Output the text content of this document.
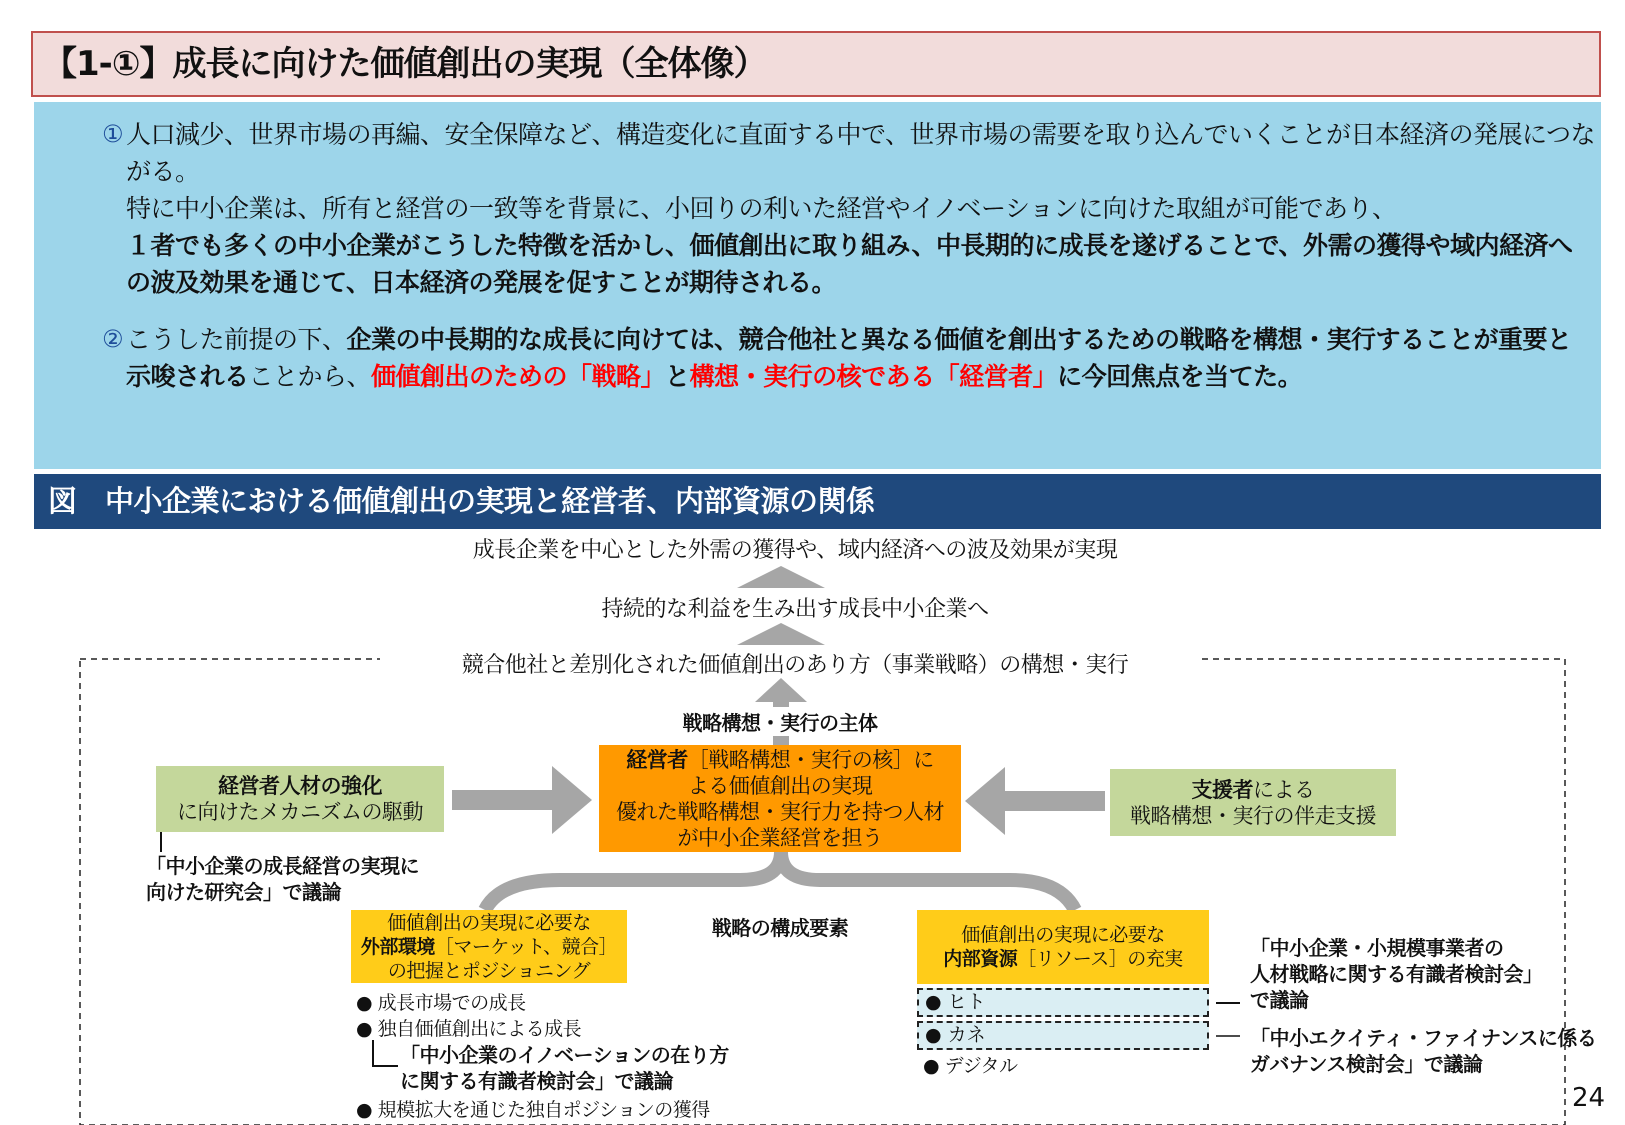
【1-①】成長に向けた価値創出の実現（全体像）
① 人口減少、世界市場の再編、安全保障など、構造変化に直面する中で、世界市場の需要を取り込んでいくことが日本経済の発展につながる。
特に中小企業は、所有と経営の一致等を背景に、小回りの利いた経営やイノベーションに向けた取組が可能であり、
１者でも多くの中小企業がこうした特徴を活かし、価値創出に取り組み、中長期的に成長を遂げることで、外需の獲得や域内経済への波及効果を通じて、日本経済の発展を促すことが期待される。
② こうした前提の下、企業の中長期的な成長に向けては、競合他社と異なる価値を創出するための戦略を構想・実行することが重要と示唆されることから、価値創出のための「戦略」と構想・実行の核である「経営者」に今回焦点を当てた。
図　中小企業における価値創出の実現と経営者、内部資源の関係
成長企業を中心とした外需の獲得や、域内経済への波及効果が実現
持続的な利益を生み出す成長中小企業へ
競合他社と差別化された価値創出のあり方（事業戦略）の構想・実行
戦略構想・実行の主体
経営者［戦略構想・実行の核］に
よる価値創出の実現
優れた戦略構想・実行力を持つ人材
が中小企業経営を担う
経営者人材の強化
に向けたメカニズムの駆動
「中小企業の成長経営の実現に
向けた研究会」で議論
支援者による
戦略構想・実行の伴走支援
戦略の構成要素
価値創出の実現に必要な
外部環境［マーケット、競合］
の把握とポジショニング
● 成長市場での成長
● 独自価値創出による成長
「中小企業のイノベーションの在り方
に関する有識者検討会」で議論
● 規模拡大を通じた独自ポジションの獲得
価値創出の実現に必要な
内部資源［リソース］の充実
● ヒト
● カネ
● デジタル
「中小企業・小規模事業者の
人材戦略に関する有識者検討会」
で議論
「中小エクイティ・ファイナンスに係る
ガバナンス検討会」で議論
24
